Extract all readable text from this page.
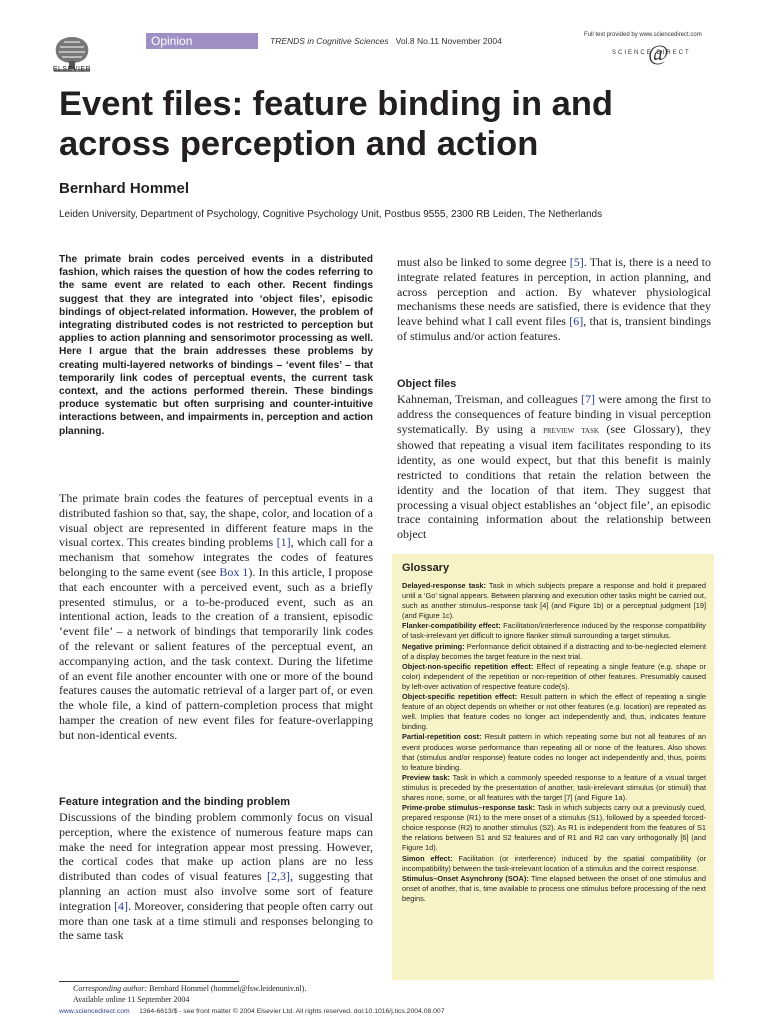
ELSEVIER
Opinion	TRENDS in Cognitive Sciences Vol.8 No.11 November 2004
Full text provided by www.sciencedirect.com
SCIENCE DIRECT
@
Event files: feature binding in and across perception and action
Bernhard Hommel
Leiden University, Department of Psychology, Cognitive Psychology Unit, Postbus 9555, 2300 RB Leiden, The Netherlands

The primate brain codes perceived events in a distributed fashion, which raises the question of how the codes referring to the same event are related to each other. Recent findings suggest that they are integrated into ‘object files’, episodic bindings of object-related information. However, the problem of integrating distributed codes is not restricted to perception but applies to action planning and sensorimotor processing as well. Here I argue that the brain addresses these problems by creating multi-layered networks of bindings – ‘event files’ – that temporarily link codes of perceptual events, the current task context, and the actions performed therein. These bindings produce systematic but often surprising and counter-intuitive interactions between, and impairments in, perception and action planning.

The primate brain codes the features of perceptual events in a distributed fashion so that, say, the shape, color, and location of a visual object are represented in different feature maps in the visual cortex. This creates binding problems [1], which call for a mechanism that somehow integrates the codes of features belonging to the same event (see Box 1). In this article, I propose that each encounter with a perceived event, such as a briefly presented stimulus, or a to-be-produced event, such as an intentional action, leads to the creation of a transient, episodic ‘event file’ – a network of bindings that temporarily link codes of the relevant or salient features of the perceptual event, an accompanying action, and the task context. During the lifetime of an event file another encounter with one or more of the bound features causes the automatic retrieval of a larger part of, or even the whole file, a kind of pattern-completion process that might hamper the creation of new event files for feature-overlapping but non-identical events.

Feature integration and the binding problem

Discussions of the binding problem commonly focus on visual perception, where the existence of numerous feature maps can make the need for integration appear most pressing. However, the cortical codes that make up action plans are no less distributed than codes of visual features [2,3], suggesting that planning an action must also involve some sort of feature integration [4]. Moreover, considering that people often carry out more than one task at a time stimuli and responses belonging to the same task

must also be linked to some degree [5]. That is, there is a need to integrate related features in perception, in action planning, and across perception and action. By whatever physiological mechanisms these needs are satisfied, there is evidence that they leave behind what I call event files [6], that is, transient bindings of stimulus and/or action features.

Object files

Kahneman, Treisman, and colleagues [7] were among the first to address the consequences of feature binding in visual perception systematically. By using a preview task (see Glossary), they showed that repeating a visual item facilitates responding to its identity, as one would expect, but that this benefit is mainly restricted to conditions that retain the relation between the identity and the location of that item. They suggest that processing a visual object establishes an ‘object file’, an episodic trace containing information about the relationship between object

Glossary

Delayed-response task: Task in which subjects prepare a response and hold it prepared until a ‘Go’ signal appears. Between planning and execution other tasks might be carried out, such as another stimulus–response task [4] (and Figure 1b) or a perceptual judgment [19] (and Figure 1c).

Flanker-compatibility effect: Facilitation/interference induced by the response compatibility of task-irrelevant yet difficult to ignore flanker stimuli surrounding a target stimulus.

Negative priming: Performance deficit obtained if a distracting and to-be-neglected element of a display becomes the target feature in the next trial.

Object-non-specific repetition effect: Effect of repeating a single feature (e.g. shape or color) independent of the repetition or non-repetition of other features. Presumably caused by left-over activation of respective feature code(s).

Object-specific repetition effect: Result pattern in which the effect of repeating a single feature of an object depends on whether or not other features (e.g. location) are repeated as well. Implies that feature codes no longer act independently and, thus, indicates feature binding.

Partial-repetition cost: Result pattern in which repeating some but not all features of an event produces worse performance than repeating all or none of the features. Also shows that (stimulus and/or response) feature codes no longer act independently and, thus, points to feature binding.

Preview task: Task in which a commonly speeded response to a feature of a visual target stimulus is preceded by the presentation of another, task-irrelevant stimulus (or stimuli) that shares none, some, or all features with the target [7] (and Figure 1a).

Prime-probe stimulus–response task: Task in which subjects carry out a previously cued, prepared response (R1) to the mere onset of a stimulus (S1), followed by a speeded forced-choice response (R2) to another stimulus (S2). As R1 is independent from the features of S1 the relations between S1 and S2 features and of R1 and R2 can vary orthogonally [6] (and Figure 1d).

Simon effect: Facilitation (or interference) induced by the spatial compatibility (or incompatibility) between the task-irrelevant location of a stimulus and the correct response.

Stimulus–Onset Asynchrony (SOA): Time elapsed between the onset of one stimulus and onset of another, that is, time available to process one stimulus before processing of the next begins.

Corresponding author: Bernhard Hommel (hommel@fsw.leidenuniv.nl).
Available online 11 September 2004
www.sciencedirect.com 1364-6613/$ - see front matter © 2004 Elsevier Ltd. All rights reserved. doi:10.1016/j.tics.2004.08.007
